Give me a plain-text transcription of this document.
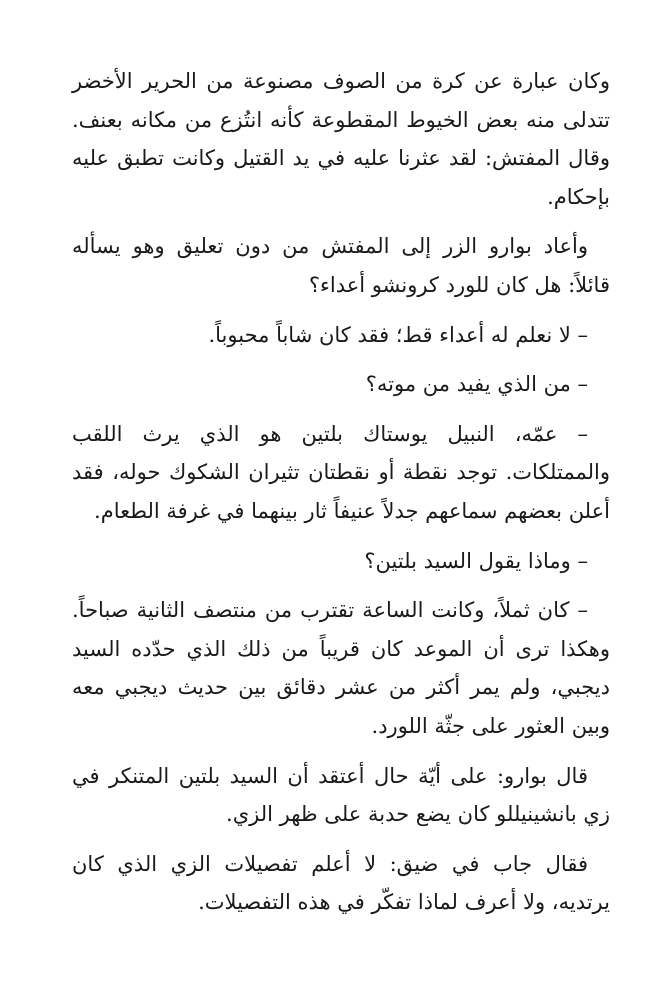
وكان عبارة عن كرة من الصوف مصنوعة من الحرير الأخضر تتدلى منه بعض الخيوط المقطوعة كأنه انتُزع من مكانه بعنف. وقال المفتش: لقد عثرنا عليه في يد القتيل وكانت تطبق عليه بإحكام.

وأعاد بوارو الزر إلى المفتش من دون تعليق وهو يسأله قائلاً: هل كان للورد كرونشو أعداء؟

– لا نعلم له أعداء قط؛ فقد كان شاباً محبوباً.

– من الذي يفيد من موته؟

– عمّه، النبيل يوستاك بلتين هو الذي يرث اللقب والممتلكات. توجد نقطة أو نقطتان تثيران الشكوك حوله، فقد أعلن بعضهم سماعهم جدلاً عنيفاً ثار بينهما في غرفة الطعام.

– وماذا يقول السيد بلتين؟

– كان ثملاً، وكانت الساعة تقترب من منتصف الثانية صباحاً. وهكذا ترى أن الموعد كان قريباً من ذلك الذي حدّده السيد ديجبي، ولم يمر أكثر من عشر دقائق بين حديث ديجبي معه وبين العثور على جثّة اللورد.

قال بوارو: على أيّة حال أعتقد أن السيد بلتين المتنكر في زي بانشينيللو كان يضع حدبة على ظهر الزي.

فقال جاب في ضيق: لا أعلم تفصيلات الزي الذي كان يرتديه، ولا أعرف لماذا تفكّر في هذه التفصيلات.
